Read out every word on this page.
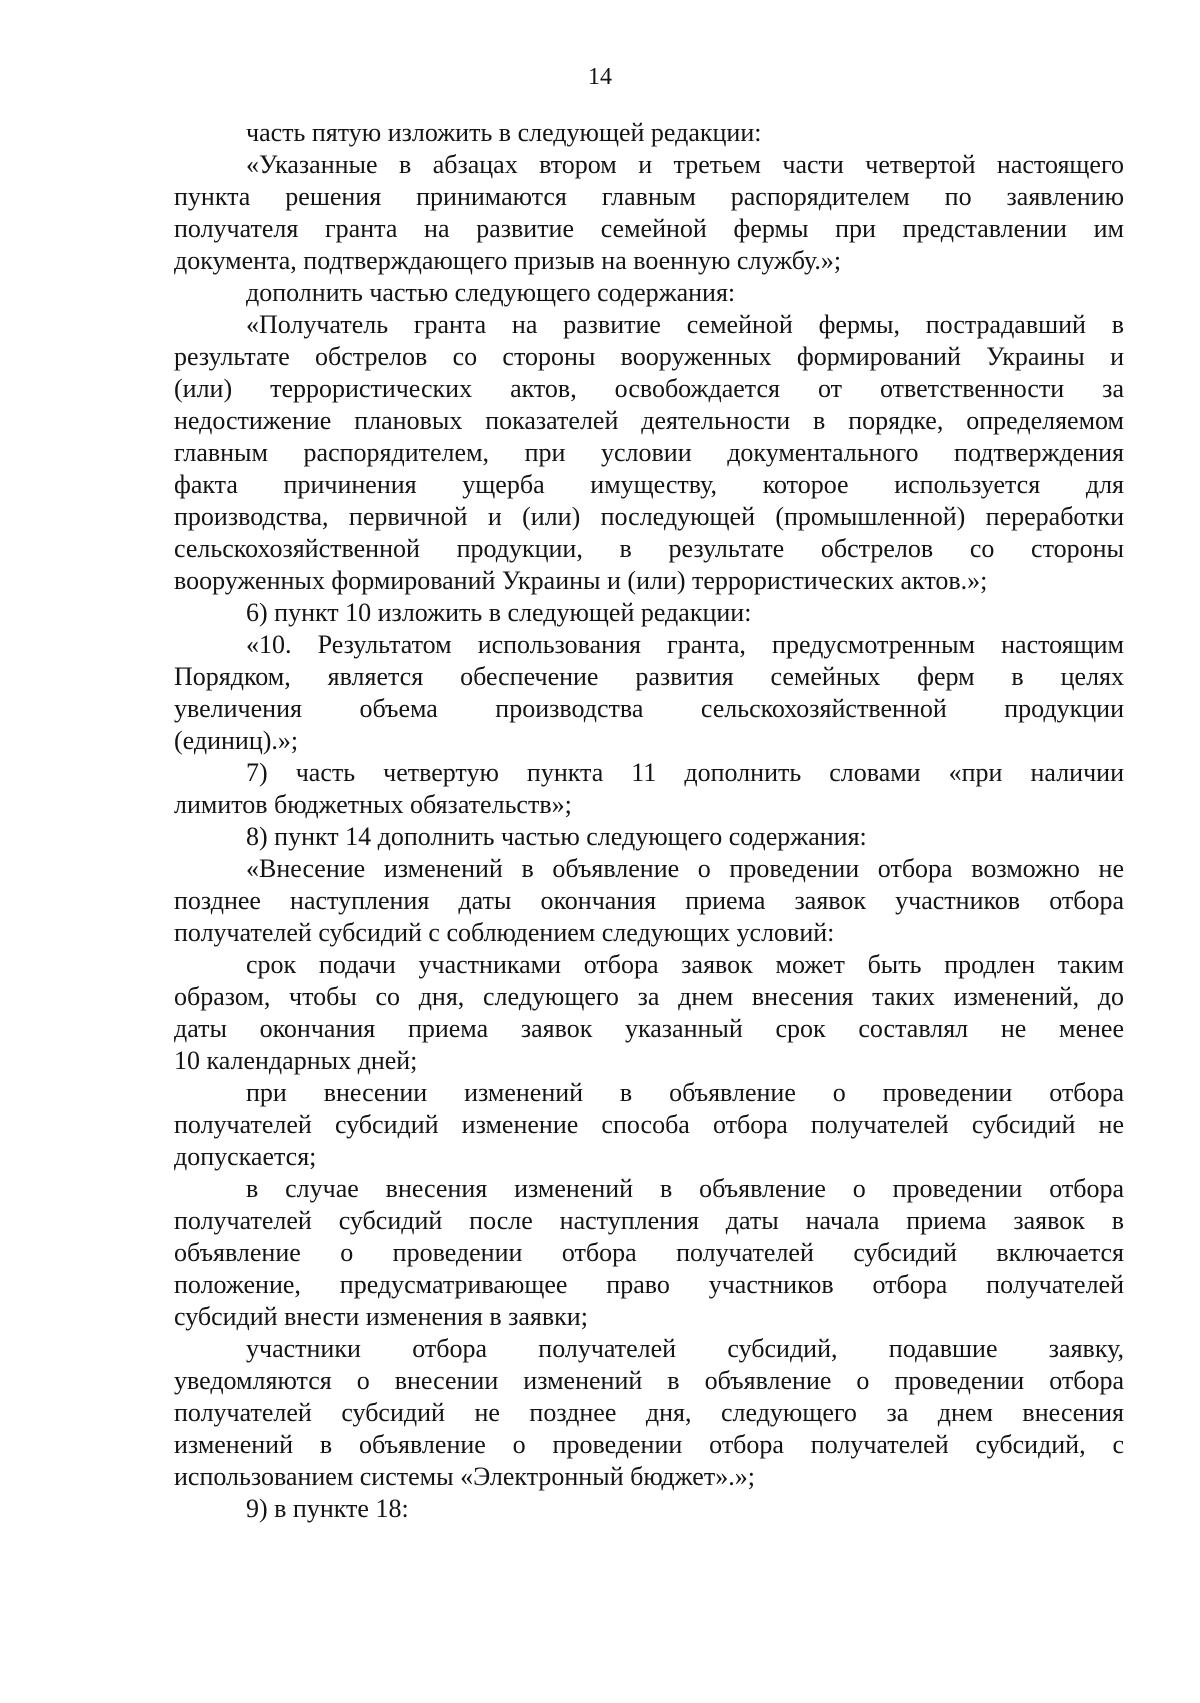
14
часть пятую изложить в следующей редакции:
«Указанные в абзацах втором и третьем части четвертой настоящего
пункта решения принимаются главным распорядителем по заявлению
получателя гранта на развитие семейной фермы при представлении им
документа, подтверждающего призыв на военную службу.»;
дополнить частью следующего содержания:
«Получатель гранта на развитие семейной фермы, пострадавший в
результате обстрелов со стороны вооруженных формирований Украины и
(или) террористических актов, освобождается от ответственности за
недостижение плановых показателей деятельности в порядке, определяемом
главным распорядителем, при условии документального подтверждения
факта причинения ущерба имуществу, которое используется для
производства, первичной и (или) последующей (промышленной) переработки
сельскохозяйственной продукции, в результате обстрелов со стороны
вооруженных формирований Украины и (или) террористических актов.»;
6) пункт 10 изложить в следующей редакции:
«10. Результатом использования гранта, предусмотренным настоящим
Порядком, является обеспечение развития семейных ферм в целях
увеличения объема производства сельскохозяйственной продукции
(единиц).»;
7) часть четвертую пункта 11 дополнить словами «при наличии
лимитов бюджетных обязательств»;
8) пункт 14 дополнить частью следующего содержания:
«Внесение изменений в объявление о проведении отбора возможно не
позднее наступления даты окончания приема заявок участников отбора
получателей субсидий с соблюдением следующих условий:
срок подачи участниками отбора заявок может быть продлен таким
образом, чтобы со дня, следующего за днем внесения таких изменений, до
даты окончания приема заявок указанный срок составлял не менее
10 календарных дней;
при внесении изменений в объявление о проведении отбора
получателей субсидий изменение способа отбора получателей субсидий не
допускается;
в случае внесения изменений в объявление о проведении отбора
получателей субсидий после наступления даты начала приема заявок в
объявление о проведении отбора получателей субсидий включается
положение, предусматривающее право участников отбора получателей
субсидий внести изменения в заявки;
участники отбора получателей субсидий, подавшие заявку,
уведомляются о внесении изменений в объявление о проведении отбора
получателей субсидий не позднее дня, следующего за днем внесения
изменений в объявление о проведении отбора получателей субсидий, с
использованием системы «Электронный бюджет».»;
9) в пункте 18:
